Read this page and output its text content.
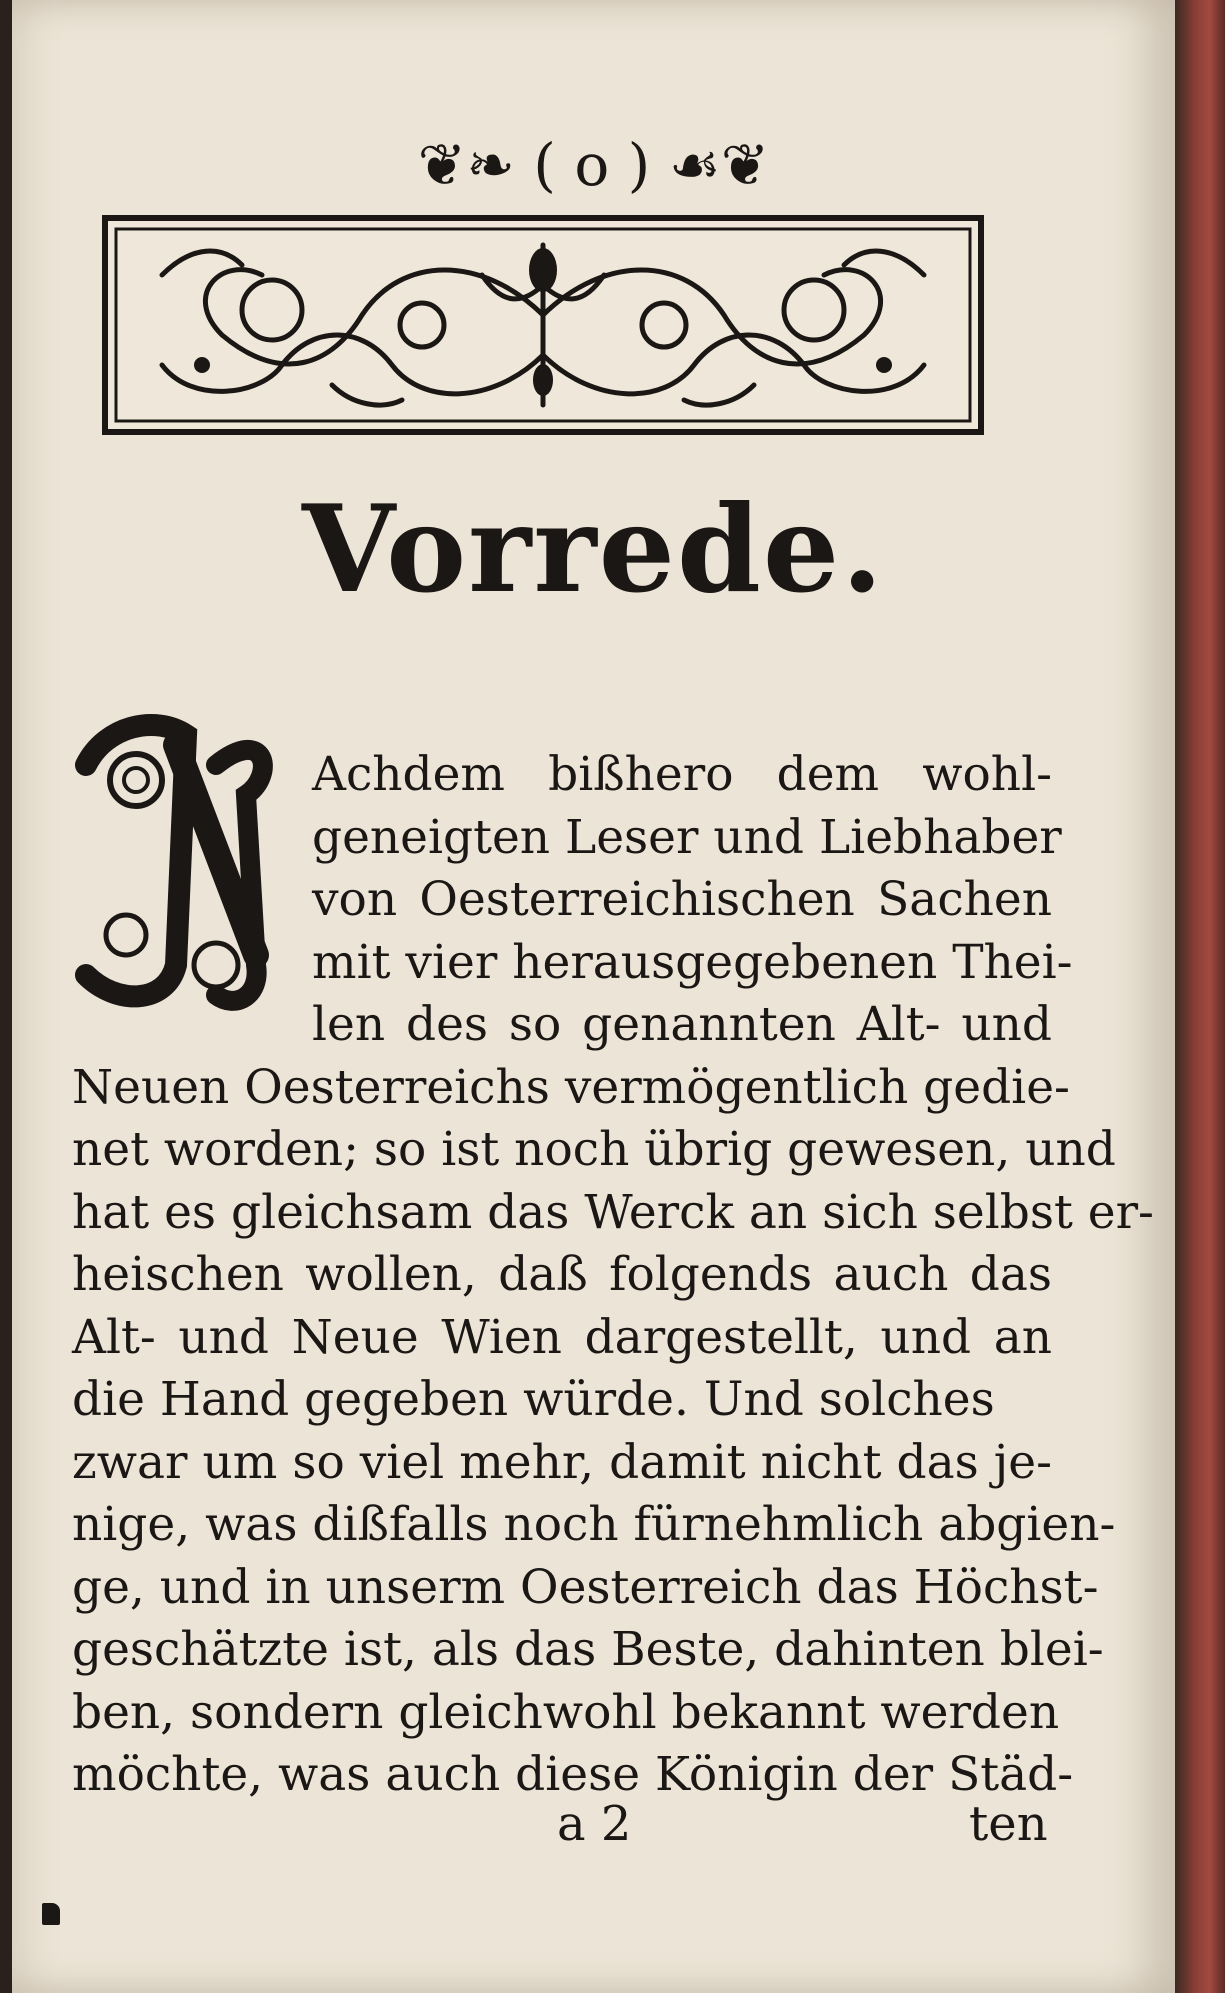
❦❧ ( o ) ☙❦
Vorrede.
Achdem bißhero dem wohl-
geneigten Leser und Liebhaber
von Oesterreichischen Sachen
mit vier herausgegebenen Thei-
len des so genannten Alt- und
Neuen Oesterreichs vermögentlich gedie-
net worden; so ist noch übrig gewesen, und
hat es gleichsam das Werck an sich selbst er-
heischen wollen, daß folgends auch das
Alt- und Neue Wien dargestellt, und an
die Hand gegeben würde. Und solches
zwar um so viel mehr, damit nicht das je-
nige, was dißfalls noch fürnehmlich abgien-
ge, und in unserm Oesterreich das Höchst-
geschätzte ist, als das Beste, dahinten blei-
ben, sondern gleichwohl bekannt werden
möchte, was auch diese Königin der Städ-
a 2	ten
